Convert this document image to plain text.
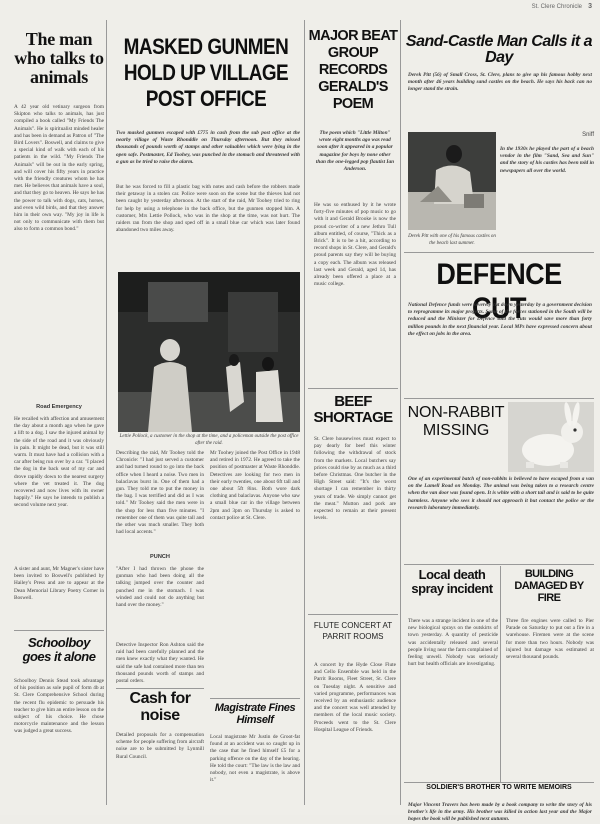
St. Clere Chronicle 3
The man who talks to animals
A 42 year old vetinary surgeon from Skipton who talks to animals, has just compiled a book called "My Friends The Animals". He is spiritualist minded healer and has been in demand as Patron of "The Bird Lovers". Boswell, and claims to give a special kind of walk with each of his patients in the wild. "My Friends The Animals" will be out in the early spring, and will cover his fifty years in practice with the friendly creatures whom he has met. He believes that animals have a soul, and that they go to heaven. He says he has the power to talk with dogs, cats, horses, and even wild birds, and that they answer him in their own way. "My joy in life is not only to communicate with them but also to form a common bond."
Road Emergency
He recalled with affection and amusement the day about a month ago when he gave a lift to a dog. I saw the injured animal by the side of the road and it was obviously in pain. It might be dead, but it was still warm. It must have had a collision with a car after being run over by a car. "I placed the dog in the back seat of my car and drove rapidly down to the nearest surgery where the vet treated it. The dog recovered and now lives with its owner happily." He says he intends to publish a second volume next year.
A sister and aunt, Mr Magner's sister have been invited to Boswell's published by Hailey's Press and are to appear at the Dean Memorial Library Poetry Corner in Boswell.
Schoolboy goes it alone
Schoolboy Dennis Stead took advantage of his position as sole pupil of form 4b at St. Clere Comprehensive School during the recent flu epidemic to persuade his teacher to give him an entire lesson on the subject of his choice. He chose motorcycle maintenance and the lesson was judged a great success.
MASKED GUNMEN HOLD UP VILLAGE POST OFFICE
Two masked gunmen escaped with £775 in cash from the sub post office at the nearby village of Waste Rhonddle on Thursday afternoon. But they missed thousands of pounds worth of stamps and other valuables which were lying in the open safe. Postmaster, Ed Toohey, was punched in the stomach and threatened with a gun as he tried to raise the alarm.
But he was forced to fill a plastic bag with notes and cash before the robbers made their getaway in a stolen car. Police were soon on the scene but the thieves had not been caught by yesterday afternoon. At the start of the raid, Mr Toohey tried to ring for help by using a telephone in the back office, but the gunmen stopped him. A customer, Mrs Lettie Pollock, who was in the shop at the time, was not hurt. The raiders ran from the shop and sped off in a small blue car which was later found abandoned two miles away.
Lettie Pollock, a customer in the shop at the time, and a policeman outside the post office after the raid.
Describing the raid, Mr Toohey told the Chronicle: "I had just served a customer and had turned round to go into the back office when I heard a noise. Two men in balaclavas burst in. One of them had a gun. They told me to put the money in the bag. I was terrified and did as I was told." Mr Toohey said the men were in the shop for less than five minutes. "I remember one of them was quite tall and the other was much smaller. They both had local accents."
Mr Toohey joined the Post Office in 1948 and retired in 1972. He agreed to take the position of postmaster at Waste Rhonddle. Detectives are looking for two men in their early twenties, one about 6ft tall and one about 5ft 8ins. Both wore dark clothing and balaclavas. Anyone who saw a small blue car in the village between 2pm and 3pm on Thursday is asked to contact police at St. Clere.
PUNCH
"After I had thrown the phone the gunman who had been doing all the talking jumped over the counter and punched me in the stomach. I was winded and could not do anything but hand over the money."
Detective Inspector Ron Ashton said the raid had been carefully planned and the men knew exactly what they wanted. He said the safe had contained more than ten thousand pounds worth of stamps and postal orders.
Cash for noise
Detailed proposals for a compensation scheme for people suffering from aircraft noise are to be submitted by Lynmill Rural Council.
Magistrate Fines Himself
Local magistrate Mr Justin de Groot-fat found at an accident was so caught up in the case that he fined himself £5 for a parking offence on the day of the hearing. He told the court: "The law is the law and nobody, not even a magistrate, is above it."
MAJOR BEAT GROUP RECORDS GERALD'S POEM
The poem which "Little Milton" wrote eight months ago was read soon after it appeared in a popular magazine for boys by none other than the one-legged pop flautist Ian Anderson.
He was so enthused by it he wrote forty-five minutes of pop music to go with it and Gerald Brooke is now the proud co-writer of a new Jethro Tull album entitled, of course, "Thick as a Brick". It is to be a hit, according to record shops in St. Clere, and Gerald's proud parents say they will be buying a copy each. The album was released last week and Gerald, aged 14, has already been offered a place at a music college.
BEEF SHORTAGE
St. Clere housewives must expect to pay dearly for beef this winter following the withdrawal of stock from the markets. Local butchers say prices could rise by as much as a third before Christmas. One butcher in the High Street said: "It's the worst shortage I can remember in thirty years of trade. We simply cannot get the meat." Mutton and pork are expected to remain at their present levels.
FLUTE CONCERT AT PARRIT ROOMS
A concert by the Hyde Close Flute and Cello Ensemble was held in the Parrit Rooms, Fleet Street, St. Clere on Tuesday night. A sensitive and varied programme, performances was received by an enthusiastic audience and the concert was well attended by members of the local music society. Proceeds went to the St. Clere Hospital League of Friends.
Sand-Castle Man Calls it a Day
Derek Pitt (56) of Small Cross, St. Clere, plans to give up his famous hobby next month after 46 years building sand castles on the beach. He says his back can no longer stand the strain.
Derek Pitt with one of his famous castles on the beach last summer.
Sniff
In the 1930s he played the part of a beach vendor in the film "Sand, Sea and Sun" and the story of his castles has been told in newspapers all over the world.
DEFENCE CUT
National Defence funds were severely cut down yesterday by a government decision to reprogramme its major projects. Some of the forces stationed in the South will be reduced and the Minister for Defence said the cuts would save more than forty million pounds in the next financial year. Local MPs have expressed concern about the effect on jobs in the area.
NON-RABBIT MISSING
One of an experimental batch of non-rabbits is believed to have escaped from a van on the Lamell Road on Monday. The animal was being taken to a research centre when the van door was found open. It is white with a short tail and is said to be quite harmless. Anyone who sees it should not approach it but contact the police or the research laboratory immediately.
Local death spray incident
There was a strange incident in one of the new biological sprays on the outskirts of town yesterday. A quantity of pesticide was accidentally released and several people living near the farm complained of feeling unwell. Nobody was seriously hurt but health officials are investigating.
BUILDING DAMAGED BY FIRE
Three fire engines were called to Pier Parade on Saturday to put out a fire in a warehouse. Firemen were at the scene for more than two hours. Nobody was injured but damage was estimated at several thousand pounds.
SOLDIER'S BROTHER TO WRITE MEMOIRS
Major Vincent Travers has been made by a book company to write the story of his brother's life in the army. His brother was killed in action last year and the Major hopes the book will be published next autumn.
